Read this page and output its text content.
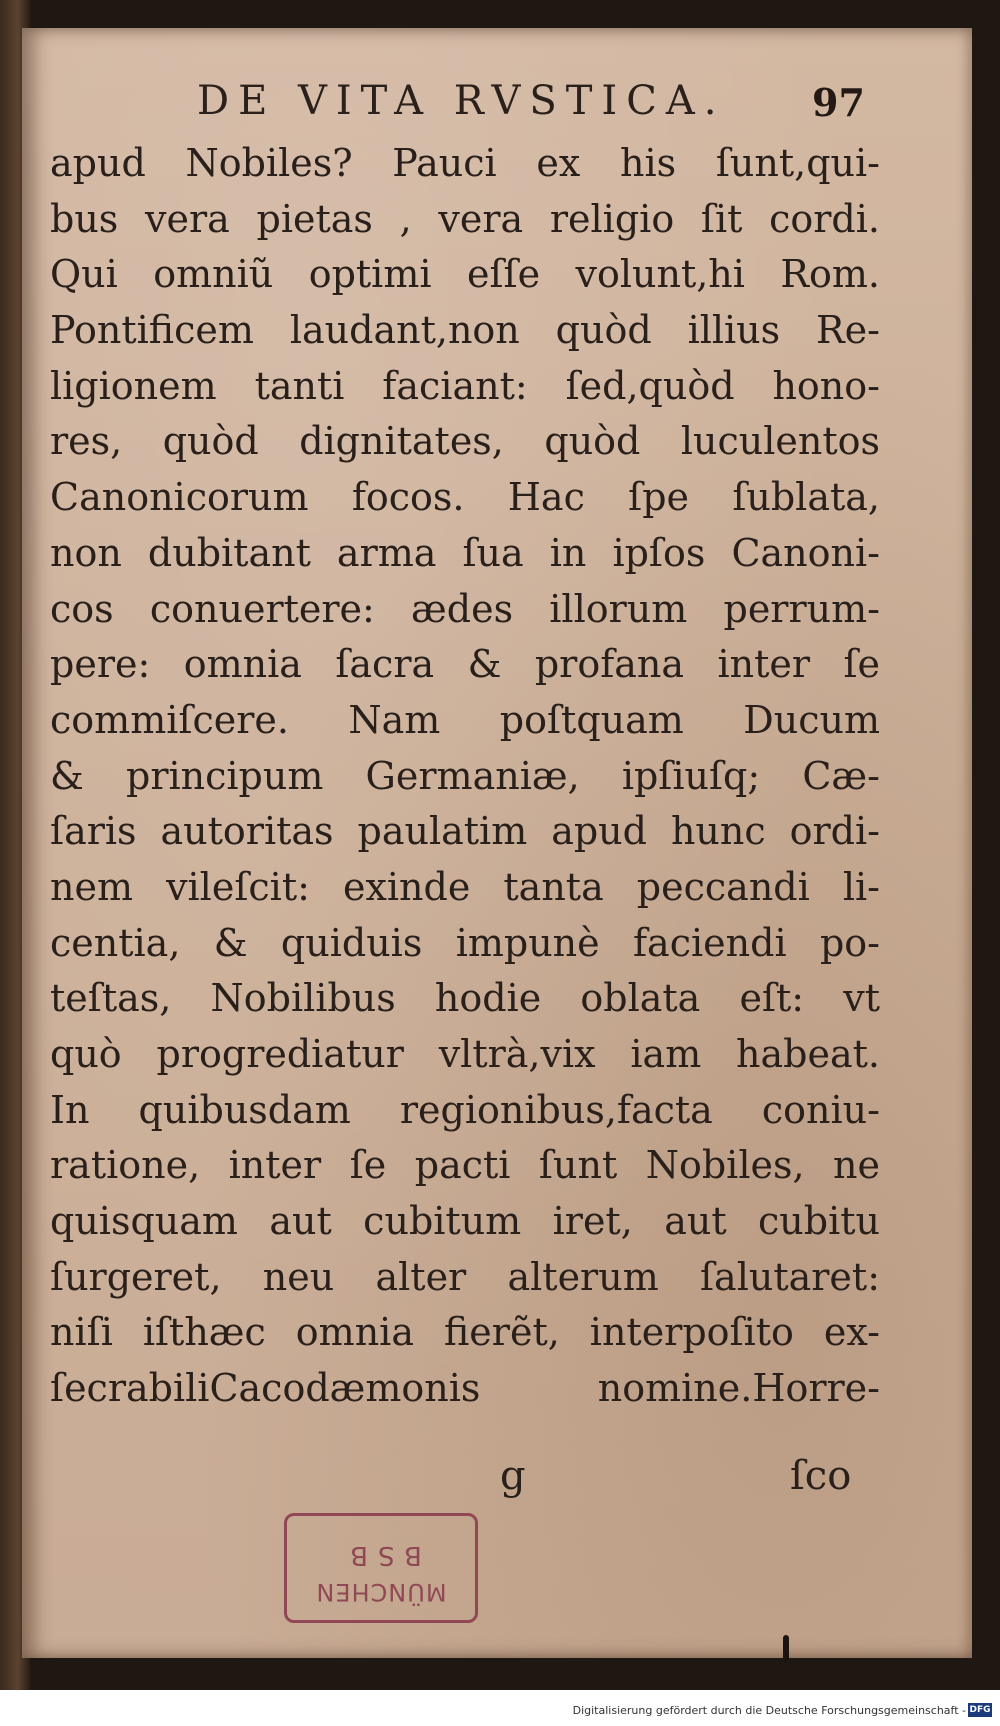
DE VITA RVSTICA. 97
apud Nobiles? Pauci ex his ſunt,qui-
bus vera pietas , vera religio ſit cordi.
Qui omniũ optimi eſſe volunt,hi Rom.
Pontificem laudant,non quòd illius Re-
ligionem tanti faciant: ſed,quòd hono-
res, quòd dignitates, quòd luculentos
Canonicorum focos. Hac ſpe ſublata,
non dubitant arma ſua in ipſos Canoni-
cos conuertere: ædes illorum perrum-
pere: omnia ſacra & profana inter ſe
commiſcere. Nam poſtquam Ducum
& principum Germaniæ, ipſiuſq; Cæ-
ſaris autoritas paulatim apud hunc ordi-
nem vileſcit: exinde tanta peccandi li-
centia, & quiduis impunè faciendi po-
teſtas, Nobilibus hodie oblata eſt: vt
quò progrediatur vltrà,vix iam habeat.
In quibusdam regionibus,facta coniu-
ratione, inter ſe pacti ſunt Nobiles, ne
quisquam aut cubitum iret, aut cubitu
ſurgeret, neu alter alterum ſalutaret:
niſi iſthæc omnia fierẽt, interpoſito ex-
ſecrabiliCacodæmonis nomine.Horre-
g	ſco
MÜNCHEN
BSB
Digitalisierung gefördert durch die Deutsche Forschungsgemeinschaft - DFG
